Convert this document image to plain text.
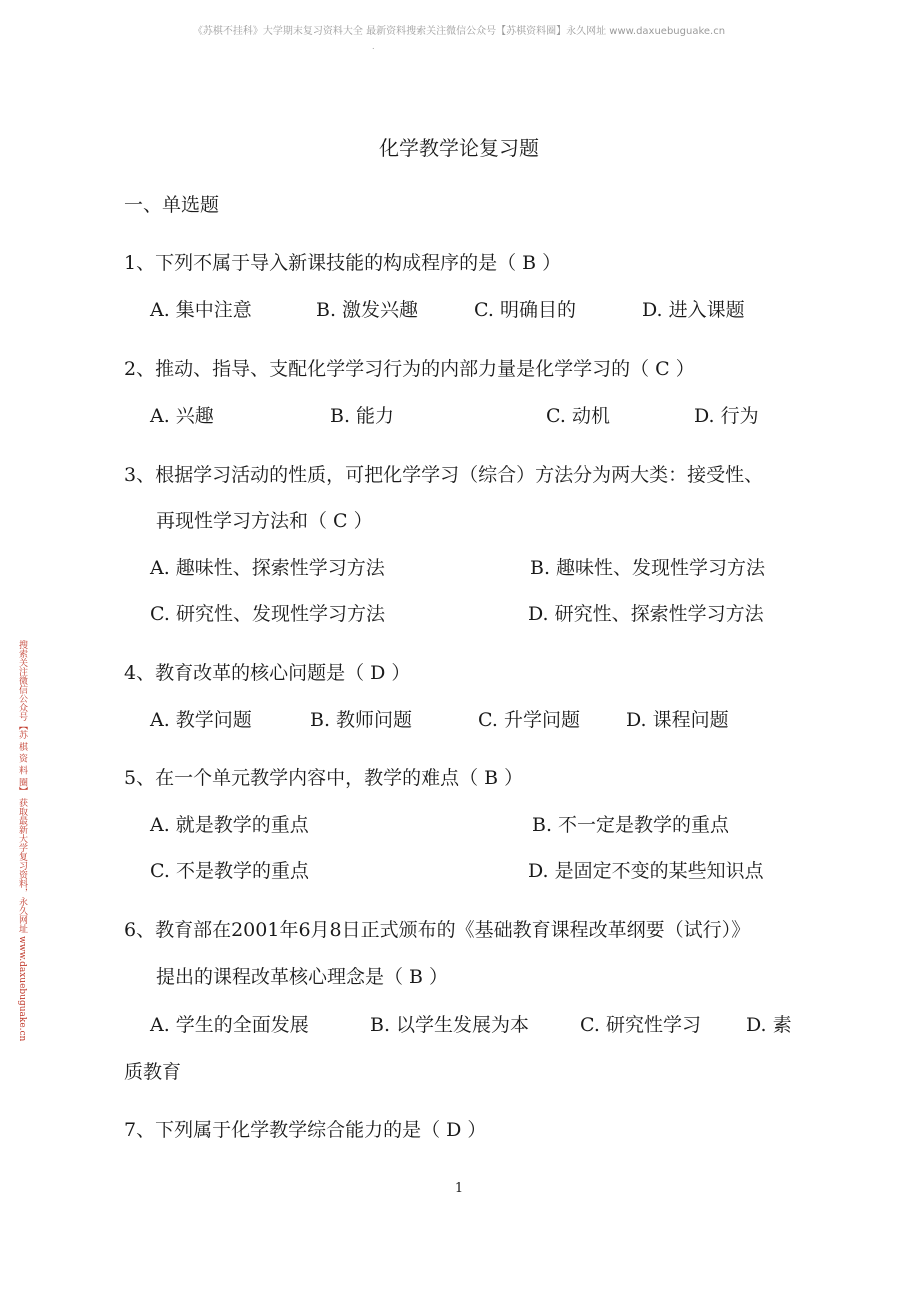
《苏棋不挂科》大学期末复习资料大全 最新资料搜索关注微信公众号【苏棋资料圈】永久网址 www.daxuebuguake.cn
.
搜索关注微信公众号【苏 棋 资 料 圈】 获取最新大学复习资料，永久网址 www.daxuebuguake.cn
化学教学论复习题
一、单选题
1、下列不属于导入新课技能的构成程序的是（ B ）
A. 集中注意	B. 激发兴趣	C. 明确目的	D. 进入课题
2、推动、指导、支配化学学习行为的内部力量是化学学习的（ C ）
A. 兴趣	B. 能力	C. 动机	D. 行为
3、根据学习活动的性质，可把化学学习（综合）方法分为两大类：接受性、
再现性学习方法和（ C ）
A. 趣味性、探索性学习方法	B. 趣味性、发现性学习方法
C. 研究性、发现性学习方法	D. 研究性、探索性学习方法
4、教育改革的核心问题是（ D ）
A. 教学问题	B. 教师问题	C. 升学问题 D. 课程问题
5、在一个单元教学内容中，教学的难点（ B ）
A. 就是教学的重点	B. 不一定是教学的重点
C. 不是教学的重点	D. 是固定不变的某些知识点
6、教育部在2001年6月8日正式颁布的《基础教育课程改革纲要（试行）》
提出的课程改革核心理念是（ B ）
A. 学生的全面发展	B. 以学生发展为本	C. 研究性学习 D. 素
质教育
7、下列属于化学教学综合能力的是（ D ）
1
